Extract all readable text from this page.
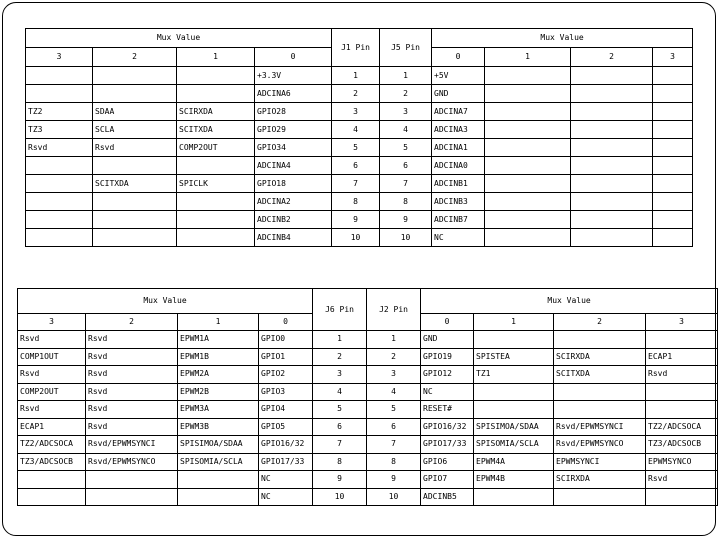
Mux Value				J1 Pin	J5 Pin	Mux Value			
3	2	1	0			0	1	2	3
			+3.3V	1	1	+5V			
			ADCINA6	2	2	GND			
TZ2	SDAA	SCIRXDA	GPIO28	3	3	ADCINA7			
TZ3	SCLA	SCITXDA	GPIO29	4	4	ADCINA3			
Rsvd	Rsvd	COMP2OUT	GPIO34	5	5	ADCINA1			
			ADCINA4	6	6	ADCINA0			
	SCITXDA	SPICLK	GPIO18	7	7	ADCINB1			
			ADCINA2	8	8	ADCINB3			
			ADCINB2	9	9	ADCINB7			
			ADCINB4	10	10	NC			
Mux Value				J6 Pin	J2 Pin	Mux Value			
3	2	1	0			0	1	2	3
Rsvd	Rsvd	EPWM1A	GPIO0	1	1	GND			
COMP1OUT	Rsvd	EPWM1B	GPIO1	2	2	GPIO19	SPISTEA	SCIRXDA	ECAP1
Rsvd	Rsvd	EPWM2A	GPIO2	3	3	GPIO12	TZ1	SCITXDA	Rsvd
COMP2OUT	Rsvd	EPWM2B	GPIO3	4	4	NC			
Rsvd	Rsvd	EPWM3A	GPIO4	5	5	RESET#			
ECAP1	Rsvd	EPWM3B	GPIO5	6	6	GPIO16/32	SPISIMOA/SDAA	Rsvd/EPWMSYNCI	TZ2/ADCSOCA
TZ2/ADCSOCA	Rsvd/EPWMSYNCI	SPISIMOA/SDAA	GPIO16/32	7	7	GPIO17/33	SPISOMIA/SCLA	Rsvd/EPWMSYNCO	TZ3/ADCSOCB
TZ3/ADCSOCB	Rsvd/EPWMSYNCO	SPISOMIA/SCLA	GPIO17/33	8	8	GPIO6	EPWM4A	EPWMSYNCI	EPWMSYNCO
			NC	9	9	GPIO7	EPWM4B	SCIRXDA	Rsvd
			NC	10	10	ADCINB5			
